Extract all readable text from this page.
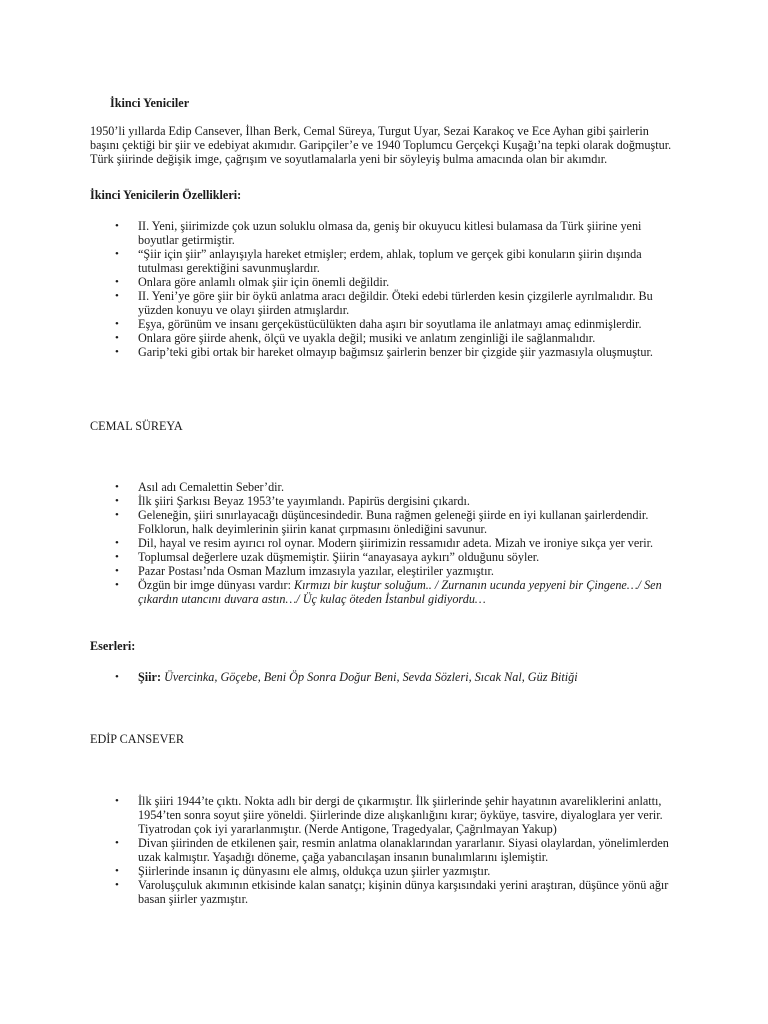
İkinci Yeniciler

1950’li yıllarda Edip Cansever, İlhan Berk, Cemal Süreya, Turgut Uyar, Sezai Karakoç ve Ece Ayhan gibi şairlerin başını çektiği bir şiir ve edebiyat akımıdır. Garipçiler’e ve 1940 Toplumcu Gerçekçi Kuşağı’na tepki olarak doğmuştur. Türk şiirinde değişik imge, çağrışım ve soyutlamalarla yeni bir söyleyiş bulma amacında olan bir akımdır.

İkinci Yenicilerin Özellikleri:
• II. Yeni, şiirimizde çok uzun soluklu olmasa da, geniş bir okuyucu kitlesi bulamasa da Türk şiirine yeni boyutlar getirmiştir.
• “Şiir için şiir” anlayışıyla hareket etmişler; erdem, ahlak, toplum ve gerçek gibi konuların şiirin dışında tutulması gerektiğini savunmuşlardır.
• Onlara göre anlamlı olmak şiir için önemli değildir.
• II. Yeni’ye göre şiir bir öykü anlatma aracı değildir. Öteki edebi türlerden kesin çizgilerle ayrılmalıdır. Bu yüzden konuyu ve olayı şiirden atmışlardır.
• Eşya, görünüm ve insanı gerçeküstücülükten daha aşırı bir soyutlama ile anlatmayı amaç edinmişlerdir.
• Onlara göre şiirde ahenk, ölçü ve uyakla değil; musiki ve anlatım zenginliği ile sağlanmalıdır.
• Garip’teki gibi ortak bir hareket olmayıp bağımsız şairlerin benzer bir çizgide şiir yazmasıyla oluşmuştur.
CEMAL SÜREYA
• Asıl adı Cemalettin Seber’dir.
• İlk şiiri Şarkısı Beyaz 1953’te yayımlandı. Papirüs dergisini çıkardı.
• Geleneğin, şiiri sınırlayacağı düşüncesindedir. Buna rağmen geleneği şiirde en iyi kullanan şairlerdendir. Folklorun, halk deyimlerinin şiirin kanat çırpmasını önlediğini savunur.
• Dil, hayal ve resim ayırıcı rol oynar. Modern şiirimizin ressamıdır adeta. Mizah ve ironiye sıkça yer verir.
• Toplumsal değerlere uzak düşmemiştir. Şiirin “anayasaya aykırı” olduğunu söyler.
• Pazar Postası’nda Osman Mazlum imzasıyla yazılar, eleştiriler yazmıştır.
• Özgün bir imge dünyası vardır: Kırmızı bir kuştur soluğum.. / Zurnanın ucunda yepyeni bir Çingene…/ Sen çıkardın utancını duvara astın…/ Üç kulaç öteden İstanbul gidiyordu…
Eserleri:
• Şiir: Üvercinka, Göçebe, Beni Öp Sonra Doğur Beni, Sevda Sözleri, Sıcak Nal, Güz Bitiği
EDİP CANSEVER
• İlk şiiri 1944’te çıktı. Nokta adlı bir dergi de çıkarmıştır. İlk şiirlerinde şehir hayatının avareliklerini anlattı, 1954’ten sonra soyut şiire yöneldi. Şiirlerinde dize alışkanlığını kırar; öyküye, tasvire, diyaloglara yer verir. Tiyatrodan çok iyi yararlanmıştır. (Nerde Antigone, Tragedyalar, Çağrılmayan Yakup)
• Divan şiirinden de etkilenen şair, resmin anlatma olanaklarından yararlanır. Siyasi olaylardan, yönelimlerden uzak kalmıştır. Yaşadığı döneme, çağa yabancılaşan insanın bunalımlarını işlemiştir.
• Şiirlerinde insanın iç dünyasını ele almış, oldukça uzun şiirler yazmıştır.
• Varoluşçuluk akımının etkisinde kalan sanatçı; kişinin dünya karşısındaki yerini araştıran, düşünce yönü ağır basan şiirler yazmıştır.
